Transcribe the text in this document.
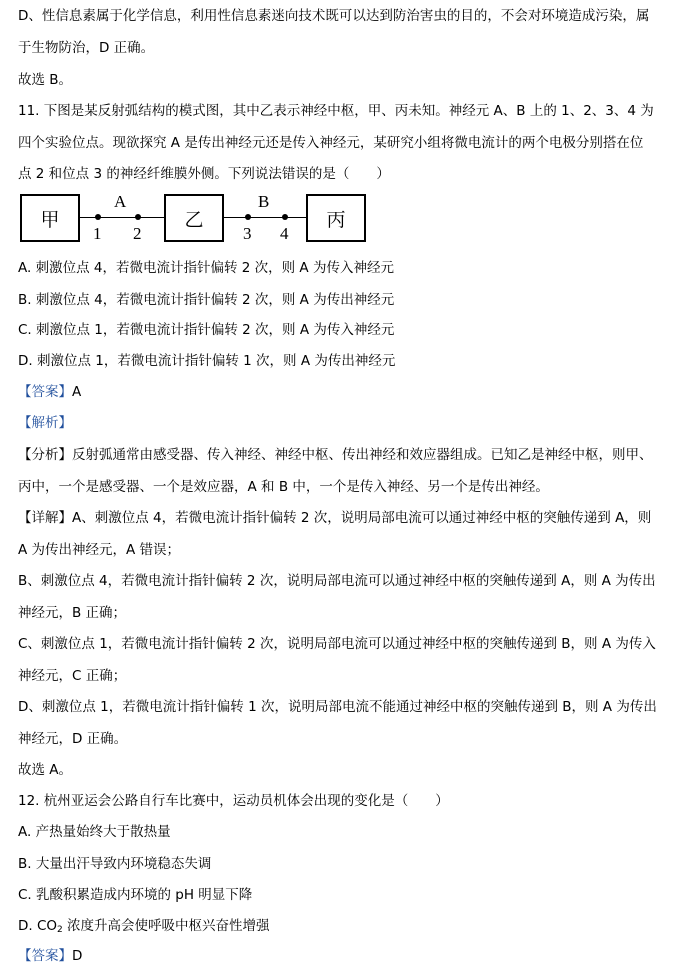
D、性信息素属于化学信息，利用性信息素迷向技术既可以达到防治害虫的目的，不会对环境造成污染，属
于生物防治，D 正确。
故选 B。
11. 下图是某反射弧结构的模式图，其中乙表示神经中枢，甲、丙未知。神经元 A、B 上的 1、2、3、4 为
四个实验位点。现欲探究 A 是传出神经元还是传入神经元，某研究小组将微电流计的两个电极分别搭在位
点 2 和位点 3 的神经纤维膜外侧。下列说法错误的是（　　）
甲	乙	丙
A	B
1 2	3 4
A. 刺激位点 4，若微电流计指针偏转 2 次，则 A 为传入神经元
B. 刺激位点 4，若微电流计指针偏转 2 次，则 A 为传出神经元
C. 刺激位点 1，若微电流计指针偏转 2 次，则 A 为传入神经元
D. 刺激位点 1，若微电流计指针偏转 1 次，则 A 为传出神经元
【答案】A
【解析】
【分析】反射弧通常由感受器、传入神经、神经中枢、传出神经和效应器组成。已知乙是神经中枢，则甲、
丙中，一个是感受器、一个是效应器，A 和 B 中，一个是传入神经、另一个是传出神经。
【详解】A、刺激位点 4，若微电流计指针偏转 2 次，说明局部电流可以通过神经中枢的突触传递到 A，则
A 为传出神经元，A 错误；
B、刺激位点 4，若微电流计指针偏转 2 次，说明局部电流可以通过神经中枢的突触传递到 A，则 A 为传出
神经元，B 正确；
C、刺激位点 1，若微电流计指针偏转 2 次，说明局部电流可以通过神经中枢的突触传递到 B，则 A 为传入
神经元，C 正确；
D、刺激位点 1，若微电流计指针偏转 1 次，说明局部电流不能通过神经中枢的突触传递到 B，则 A 为传出
神经元，D 正确。
故选 A。
12. 杭州亚运会公路自行车比赛中，运动员机体会出现的变化是（　　）
A. 产热量始终大于散热量
B. 大量出汗导致内环境稳态失调
C. 乳酸积累造成内环境的 pH 明显下降
D. $CO_2$ 浓度升高会使呼吸中枢兴奋性增强
【答案】D
